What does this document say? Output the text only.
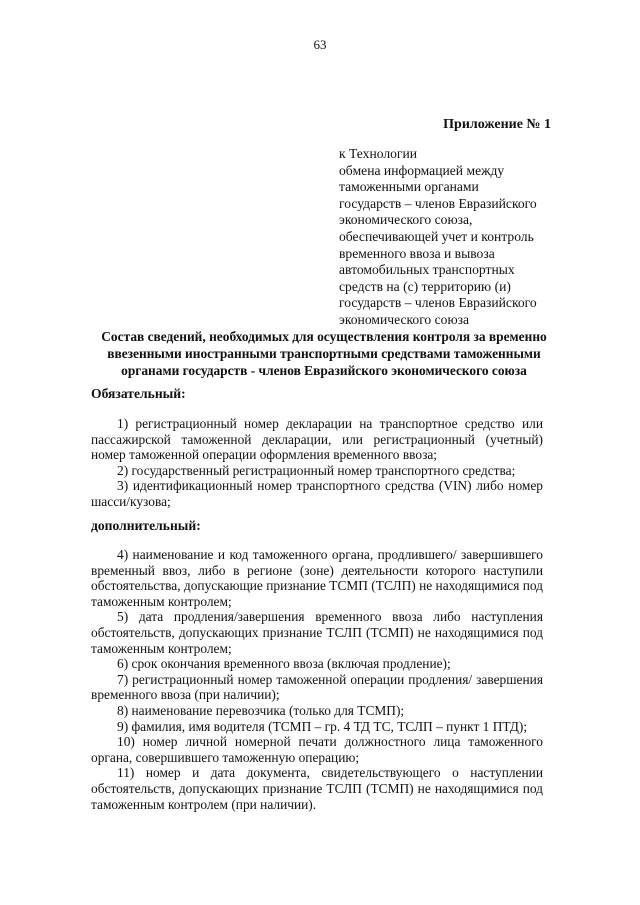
63
Приложение № 1
к Технологии
обмена информацией между
таможенными органами
государств – членов Евразийского
экономического союза,
обеспечивающей учет и контроль
временного ввоза и вывоза
автомобильных транспортных
средств на (с) территорию (и)
государств – членов Евразийского
экономического союза
Состав сведений, необходимых для осуществления контроля за временно ввезенными иностранными транспортными средствами таможенными органами государств - членов Евразийского экономического союза
Обязательный:

1) регистрационный номер декларации на транспортное средство или пассажирской таможенной декларации, или регистрационный (учетный) номер таможенной операции оформления временного ввоза;

2) государственный регистрационный номер транспортного средства;

3) идентификационный номер транспортного средства (VIN) либо номер шасси/кузова;

дополнительный:

4) наименование и код таможенного органа, продлившего/ завершившего временный ввоз, либо в регионе (зоне) деятельности которого наступили обстоятельства, допускающие признание ТСМП (ТСЛП) не находящимися под таможенным контролем;

5) дата продления/завершения временного ввоза либо наступления обстоятельств, допускающих признание ТСЛП (ТСМП) не находящимися под таможенным контролем;

6) срок окончания временного ввоза (включая продление);

7) регистрационный номер таможенной операции продления/ завершения временного ввоза (при наличии);

8) наименование перевозчика (только для ТСМП);

9) фамилия, имя водителя (ТСМП – гр. 4 ТД ТС, ТСЛП – пункт 1 ПТД);

10) номер личной номерной печати должностного лица таможенного органа, совершившего таможенную операцию;

11) номер и дата документа, свидетельствующего о наступлении обстоятельств, допускающих признание ТСЛП (ТСМП) не находящимися под таможенным контролем (при наличии).
